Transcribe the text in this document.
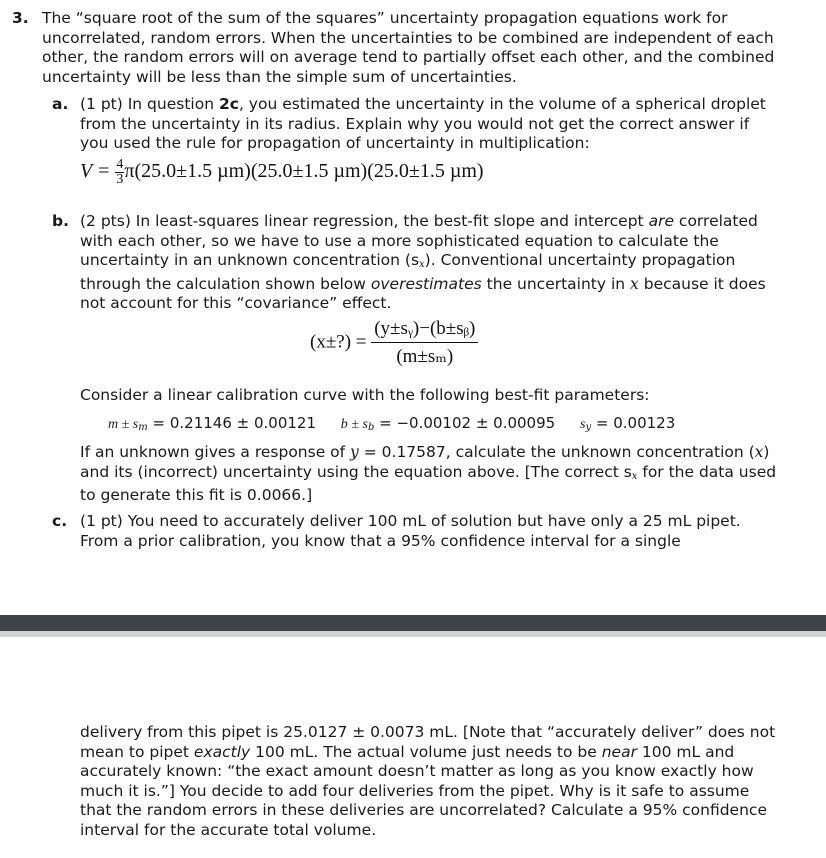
3. The “square root of the sum of the squares” uncertainty propagation equations work for uncorrelated, random errors. When the uncertainties to be combined are independent of each other, the random errors will on average tend to partially offset each other, and the combined uncertainty will be less than the simple sum of uncertainties.
a. (1 pt) In question 2c, you estimated the uncertainty in the volume of a spherical droplet from the uncertainty in its radius. Explain why you would not get the correct answer if you used the rule for propagation of uncertainty in multiplication:
$V = \frac{4}{3} \pi(25.0\pm 1.5$ µm)(25.0±1.5 µm)(25.0±1.5 µm)
b. (2 pts) In least-squares linear regression, the best-fit slope and intercept are correlated with each other, so we have to use a more sophisticated equation to calculate the uncertainty in an unknown concentration $(s_x)$. Conventional uncertainty propagation through the calculation shown below overestimates the uncertainty in x because it does not account for this “covariance” effect.
(x±?) = $\frac{\text{(y±sᵧ)−(b±sᵦ)}}{\text{(m±sₘ)}}$
Consider a linear calibration curve with the following best-fit parameters:
$m \pm s_m = 0.21146 \pm 0.00121$ $b \pm s_b = -0.00102 \pm 0.00095$ $s_y = 0.00123$
If an unknown gives a response of y = 0.17587, calculate the unknown concentration (x) and its (incorrect) uncertainty using the equation above. [The correct $s_x$ for the data used to generate this fit is 0.0066.]
c. (1 pt) You need to accurately deliver 100 mL of solution but have only a 25 mL pipet. From a prior calibration, you know that a 95% confidence interval for a single
delivery from this pipet is 25.0127 ± 0.0073 mL. [Note that “accurately deliver” does not mean to pipet exactly 100 mL. The actual volume just needs to be near 100 mL and accurately known: “the exact amount doesn’t matter as long as you know exactly how much it is.”] You decide to add four deliveries from the pipet. Why is it safe to assume that the random errors in these deliveries are uncorrelated? Calculate a 95% confidence interval for the accurate total volume.
